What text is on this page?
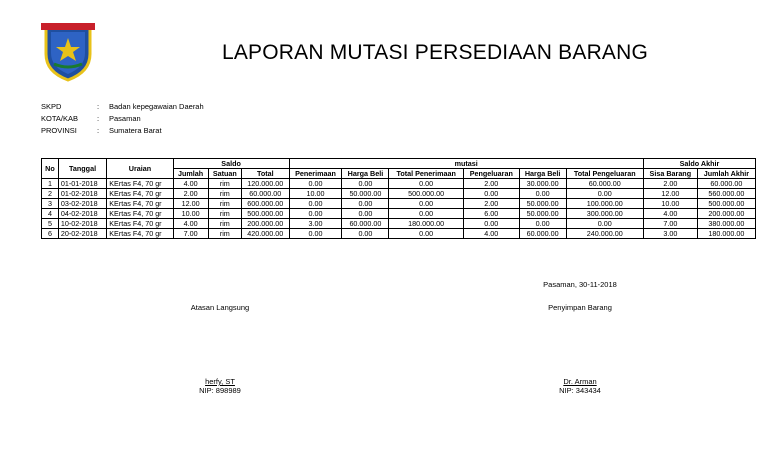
LAPORAN MUTASI PERSEDIAAN BARANG
SKPD	:	Badan kepegawaian Daerah
KOTA/KAB	:	Pasaman
PROVINSI	:	Sumatera Barat
No	Tanggal	Uraian	Saldo			mutasi						Saldo Akhir	
			Jumlah	Satuan	Total	Penerimaan	Harga Beli	Total Penerimaan	Pengeluaran	Harga Beli	Total Pengeluaran	Sisa Barang	Jumlah Akhir
1	01-01-2018	KErtas F4, 70 gr	4.00	rim	120.000.00	0.00	0.00	0.00	2.00	30.000.00	60.000.00	2.00	60.000.00
2	01-02-2018	KErtas F4, 70 gr	2.00	rim	60.000.00	10.00	50.000.00	500.000.00	0.00	0.00	0.00	12.00	560.000.00
3	03-02-2018	KErtas F4, 70 gr	12.00	rim	600.000.00	0.00	0.00	0.00	2.00	50.000.00	100.000.00	10.00	500.000.00
4	04-02-2018	KErtas F4, 70 gr	10.00	rim	500.000.00	0.00	0.00	0.00	6.00	50.000.00	300.000.00	4.00	200.000.00
5	10-02-2018	KErtas F4, 70 gr	4.00	rim	200.000.00	3.00	60.000.00	180.000.00	0.00	0.00	0.00	7.00	380.000.00
6	20-02-2018	KErtas F4, 70 gr	7.00	rim	420.000.00	0.00	0.00	0.00	4.00	60.000.00	240.000.00	3.00	180.000.00
Pasaman, 30-11-2018
Atasan Langsung	Penyimpan Barang
herfy, ST
NIP: 898989
Dr. Arman
NIP: 343434
